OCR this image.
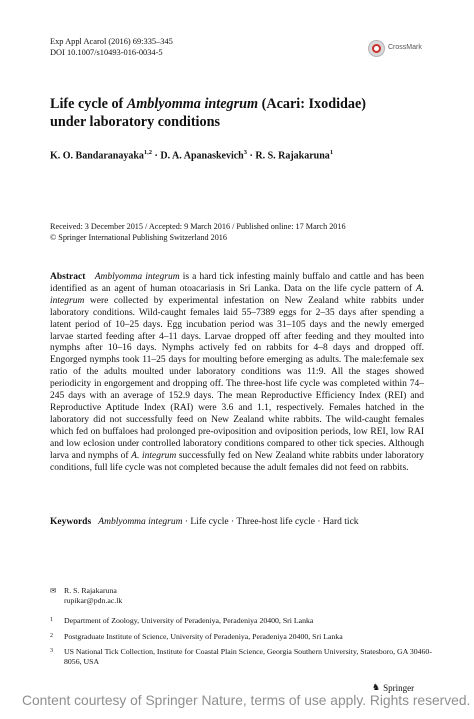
Exp Appl Acarol (2016) 69:335–345
DOI 10.1007/s10493-016-0034-5
CrossMark
Life cycle of Amblyomma integrum (Acari: Ixodidae)
under laboratory conditions
K. O. Bandaranayaka$^{1,2}$ · D. A. Apanaskevich$^3$ · R. S. Rajakaruna$^1$
Received: 3 December 2015 / Accepted: 9 March 2016 / Published online: 17 March 2016
© Springer International Publishing Switzerland 2016
Abstract Amblyomma integrum is a hard tick infesting mainly buffalo and cattle and has been identified as an agent of human otoacariasis in Sri Lanka. Data on the life cycle pattern of A. integrum were collected by experimental infestation on New Zealand white rabbits under laboratory conditions. Wild-caught females laid 55–7389 eggs for 2–35 days after spending a latent period of 10–25 days. Egg incubation period was 31–105 days and the newly emerged larvae started feeding after 4–11 days. Larvae dropped off after feeding and they moulted into nymphs after 10–16 days. Nymphs actively fed on rabbits for 4–8 days and dropped off. Engorged nymphs took 11–25 days for moulting before emerging as adults. The male:female sex ratio of the adults moulted under laboratory conditions was 11:9. All the stages showed periodicity in engorgement and dropping off. The three-host life cycle was completed within 74–245 days with an average of 152.9 days. The mean Reproductive Efficiency Index (REI) and Reproductive Aptitude Index (RAI) were 3.6 and 1.1, respectively. Females hatched in the laboratory did not successfully feed on New Zealand white rabbits. The wild-caught females which fed on buffaloes had prolonged pre-oviposition and oviposition periods, low REI, low RAI and low eclosion under controlled laboratory conditions compared to other tick species. Although larva and nymphs of A. integrum successfully fed on New Zealand white rabbits under laboratory conditions, full life cycle was not completed because the adult females did not feed on rabbits.
Keywords Amblyomma integrum · Life cycle · Three-host life cycle · Hard tick
✉ R. S. Rajakaruna
rupikar@pdn.ac.lk
1 Department of Zoology, University of Peradeniya, Peradeniya 20400, Sri Lanka
2 Postgraduate Institute of Science, University of Peradeniya, Peradeniya 20400, Sri Lanka
3 US National Tick Collection, Institute for Coastal Plain Science, Georgia Southern University, Statesboro, GA 30460-8056, USA
♞ Springer
Content courtesy of Springer Nature, terms of use apply. Rights reserved.
